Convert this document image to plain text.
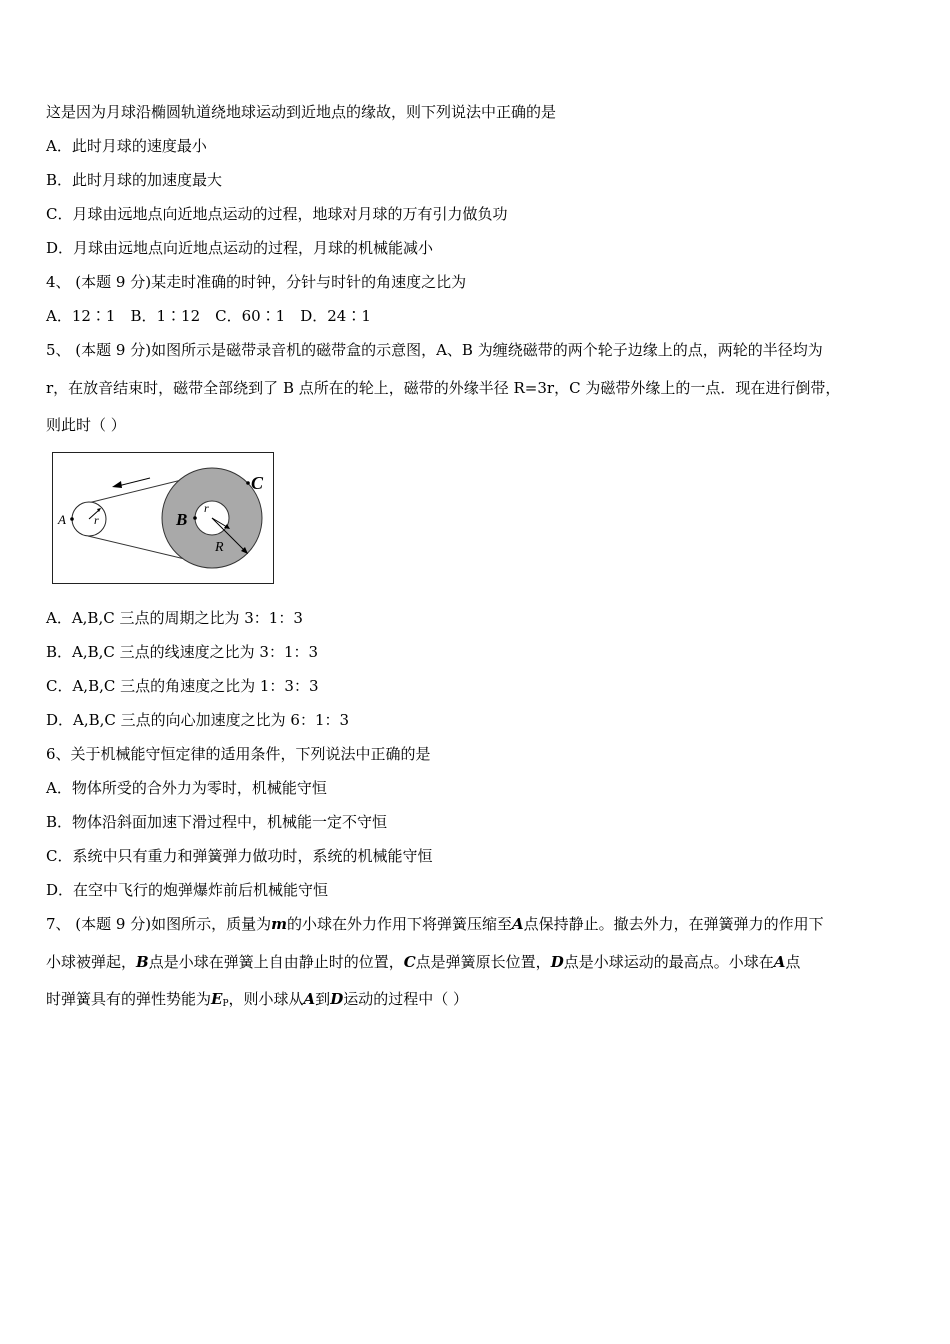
这是因为月球沿椭圆轨道绕地球运动到近地点的缘故，则下列说法中正确的是
A．此时月球的速度最小
B．此时月球的加速度最大
C．月球由远地点向近地点运动的过程，地球对月球的万有引力做负功
D．月球由远地点向近地点运动的过程，月球的机械能减小
4、 (本题 9 分)某走时准确的时钟，分针与时针的角速度之比为
A．12∶1　B．1∶12　C．60∶1　D．24∶1
5、 (本题 9 分)如图所示是磁带录音机的磁带盒的示意图，A、B 为缠绕磁带的两个轮子边缘上的点，两轮的半径均为
r，在放音结束时，磁带全部绕到了 B 点所在的轮上，磁带的外缘半径 R=3r，C 为磁带外缘上的一点．现在进行倒带，
则此时（ ）
A r	B
r
R
C
A．A,B,C 三点的周期之比为 3：1：3
B．A,B,C 三点的线速度之比为 3：1：3
C．A,B,C 三点的角速度之比为 1：3：3
D．A,B,C 三点的向心加速度之比为 6：1：3
6、关于机械能守恒定律的适用条件，下列说法中正确的是
A．物体所受的合外力为零时，机械能守恒
B．物体沿斜面加速下滑过程中，机械能一定不守恒
C．系统中只有重力和弹簧弹力做功时，系统的机械能守恒
D．在空中飞行的炮弹爆炸前后机械能守恒
7、 (本题 9 分)如图所示，质量为m的小球在外力作用下将弹簧压缩至A点保持静止。撤去外力，在弹簧弹力的作用下
小球被弹起，B点是小球在弹簧上自由静止时的位置，C点是弹簧原长位置，D点是小球运动的最高点。小球在A点
时弹簧具有的弹性势能为$E_P$，则小球从A到D运动的过程中（ ）
